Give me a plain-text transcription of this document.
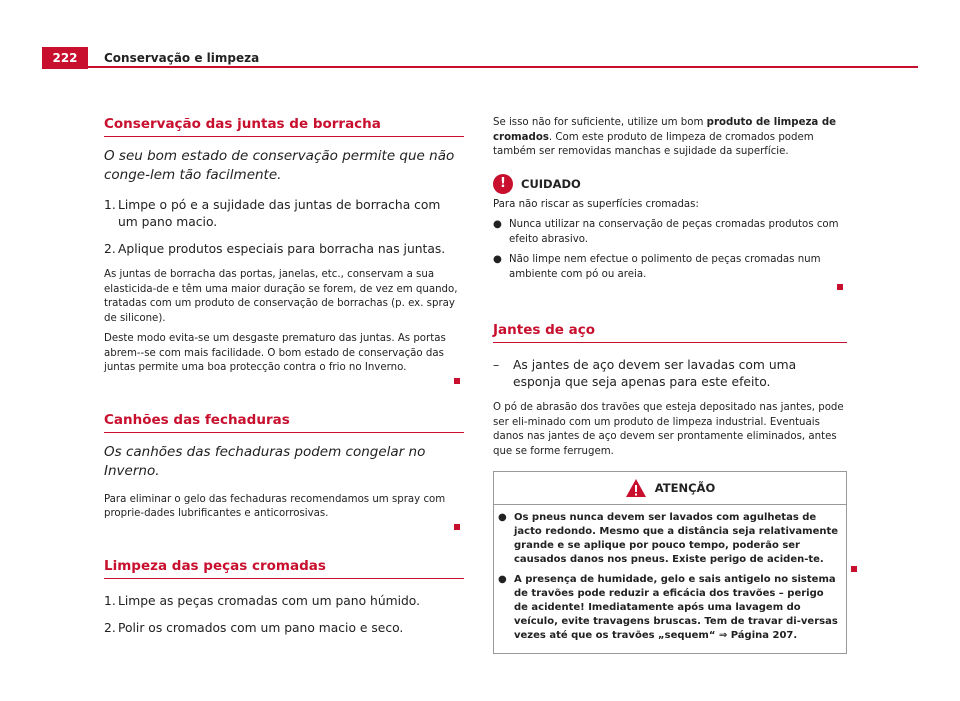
222	Conservação e limpeza
Conservação das juntas de borracha

O seu bom estado de conservação permite que não conge-lem tão facilmente.

1. Limpe o pó e a sujidade das juntas de borracha com um pano macio.
2. Aplique produtos especiais para borracha nas juntas.

As juntas de borracha das portas, janelas, etc., conservam a sua elasticida-de e têm uma maior duração se forem, de vez em quando, tratadas com um produto de conservação de borrachas (p. ex. spray de silicone).

Deste modo evita-se um desgaste prematuro das juntas. As portas abrem--se com mais facilidade. O bom estado de conservação das juntas permite uma boa protecção contra o frio no Inverno.

Canhões das fechaduras

Os canhões das fechaduras podem congelar no Inverno.

Para eliminar o gelo das fechaduras recomendamos um spray com proprie-dades lubrificantes e anticorrosivas.

Limpeza das peças cromadas
1. Limpe as peças cromadas com um pano húmido.
2. Polir os cromados com um pano macio e seco.

Se isso não for suficiente, utilize um bom produto de limpeza de cromados. Com este produto de limpeza de cromados podem também ser removidas manchas e sujidade da superfície.

!	CUIDADO

Para não riscar as superfícies cromadas:

● Nunca utilizar na conservação de peças cromadas produtos com efeito abrasivo.
● Não limpe nem efectue o polimento de peças cromadas num ambiente com pó ou areia.
Jantes de aço
–	As jantes de aço devem ser lavadas com uma esponja que seja apenas para este efeito.

O pó de abrasão dos travões que esteja depositado nas jantes, pode ser eli-minado com um produto de limpeza industrial. Eventuais danos nas jantes de aço devem ser prontamente eliminados, antes que se forme ferrugem.

ATENÇÃO
● Os pneus nunca devem ser lavados com agulhetas de jacto redondo. Mesmo que a distância seja relativamente grande e se aplique por pouco tempo, poderão ser causados danos nos pneus. Existe perigo de aciden-te.
● A presença de humidade, gelo e sais antigelo no sistema de travões pode reduzir a eficácia dos travões – perigo de acidente! Imediatamente após uma lavagem do veículo, evite travagens bruscas. Tem de travar di-versas vezes até que os travões „sequem“ ⇒ Página 207.
